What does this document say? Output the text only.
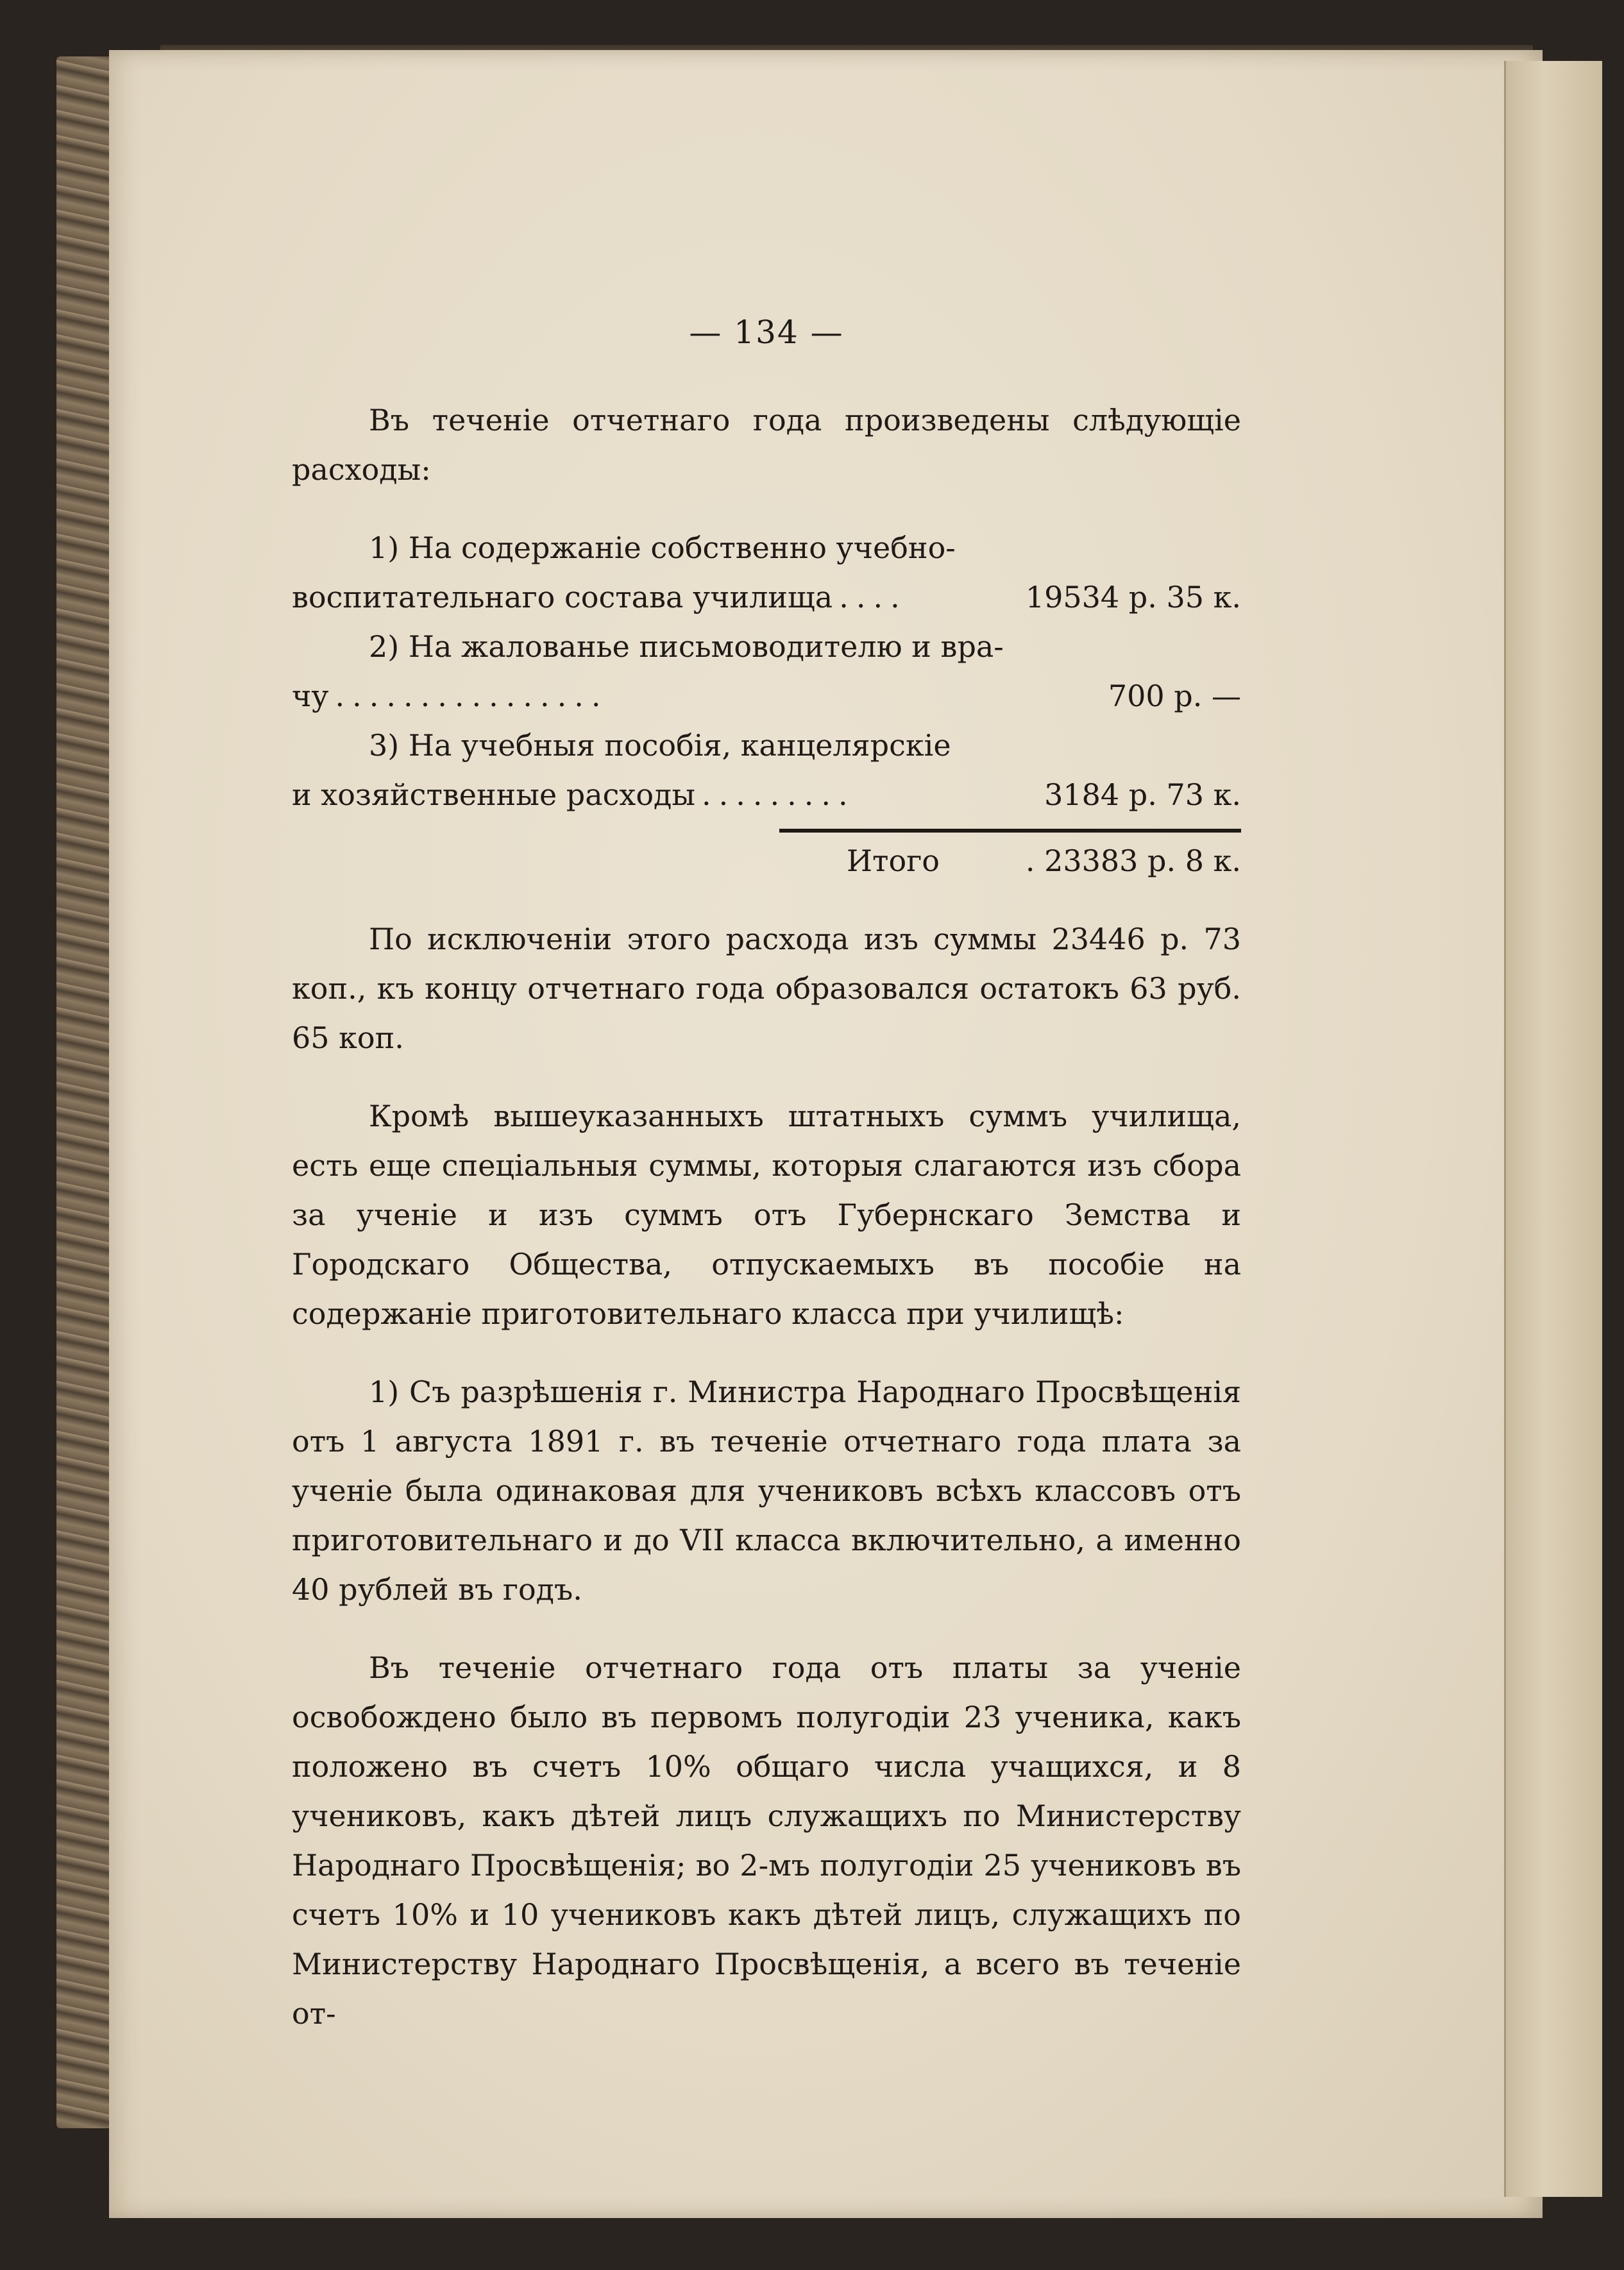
— 134 —

Въ теченіе отчетнаго года произведены слѣдующіе расходы:

1) На содержаніе собственно учебно-

воспитательнаго состава училища ....	19534 р. 35 к.

2) На жалованье письмоводителю и вра-

чу ................	700 р. —

3) На учебныя пособія, канцелярскіе

и хозяйственные расходы .........	3184 р. 73 к.
Итого	. 23383 р. 8 к.

По исключеніи этого расхода изъ суммы 23446 р. 73 коп., къ концу отчетнаго года образовался остатокъ 63 руб. 65 коп.

Кромѣ вышеуказанныхъ штатныхъ суммъ училища, есть еще спеціальныя суммы, которыя слагаются изъ сбора за ученіе и изъ суммъ отъ Губернскаго Земства и Городскаго Общества, отпускаемыхъ въ пособіе на содержаніе приготовительнаго класса при училищѣ:

1) Съ разрѣшенія г. Министра Народнаго Просвѣщенія отъ 1 августа 1891 г. въ теченіе отчетнаго года плата за ученіе была одинаковая для учениковъ всѣхъ классовъ отъ приготовительнаго и до VII класса включительно, а именно 40 рублей въ годъ.

Въ теченіе отчетнаго года отъ платы за ученіе освобождено было въ первомъ полугодіи 23 ученика, какъ положено въ счетъ 10% общаго числа учащихся, и 8 учениковъ, какъ дѣтей лицъ служащихъ по Министерству Народнаго Просвѣщенія; во 2-мъ полугодіи 25 учениковъ въ счетъ 10% и 10 учениковъ какъ дѣтей лицъ, служащихъ по Министерству Народнаго Просвѣщенія, а всего въ теченіе от-
